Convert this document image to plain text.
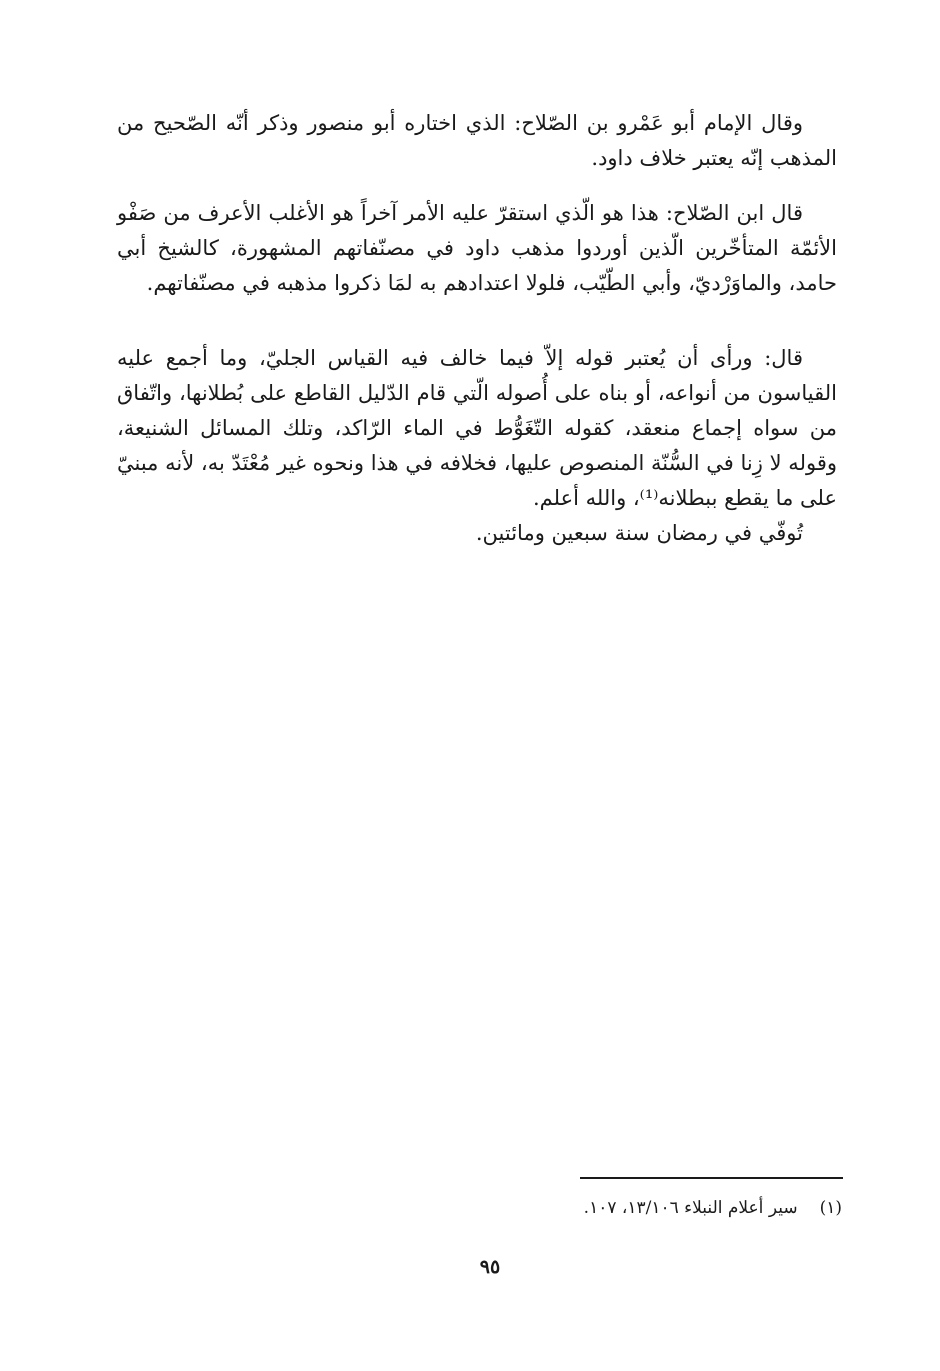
وقال الإمام أبو عَمْرو بن الصّلاح: الذي اختاره أبو منصور وذكر أنّه الصّحيح من المذهب إنّه يعتبر خلاف داود.

قال ابن الصّلاح: هذا هو الّذي استقرّ عليه الأمر آخراً هو الأغلب الأعرف من صَفْو الأئمّة المتأخّرين الّذين أوردوا مذهب داود في مصنّفاتهم المشهورة، كالشيخ أبي حامد، والماوَرْديّ، وأبي الطّيّب، فلولا اعتدادهم به لمَا ذكروا مذهبه في مصنّفاتهم.

قال: ورأى أن يُعتبر قوله إلاّ فيما خالف فيه القياس الجليّ، وما أجمع عليه القياسون من أنواعه، أو بناه على أُصوله الّتي قام الدّليل القاطع على بُطلانها، واتّفاق من سواه إجماع منعقد، كقوله التّغَوُّط في الماء الرّاكد، وتلك المسائل الشنيعة، وقوله لا زِنا في السُّنّة المنصوص عليها، فخلافه في هذا ونحوه غير مُعْتَدّ به، لأنه مبنيّ على ما يقطع ببطلانه⁽¹⁾، والله أعلم.

تُوفّي في رمضان سنة سبعين ومائتين.

(١)سير أعلام النبلاء ١٣/١٠٦، ١٠٧.
٩٥
